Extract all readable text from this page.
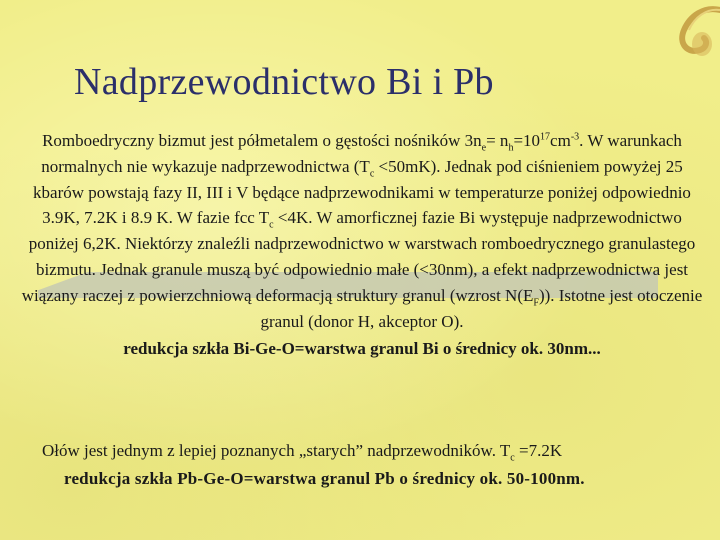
Nadprzewodnictwo Bi i Pb

Romboedryczny bizmut jest półmetalem o gęstości nośników $3n_e= n_h=10^{17}cm^{-3}$. W warunkach normalnych nie wykazuje nadprzewodnictwa $(T_c <50mK)$. Jednak pod ciśnieniem powyżej 25 kbarów powstają fazy II, III i V będące nadprzewodnikami w temperaturze poniżej odpowiednio 3.9K, 7.2K i 8.9 K. W fazie fcc $T_c <4K$. W amorficznej fazie Bi występuje nadprzewodnictwo poniżej 6,2K. Niektórzy znaleźli nadprzewodnictwo w warstwach romboedrycznego granulastego bizmutu. Jednak granule muszą być odpowiednio małe (<30nm), a efekt nadprzewodnictwa jest wiązany raczej z powierzchniową deformacją struktury granul (wzrost $N(E_F)$). Istotne jest otoczenie granul (donor H, akceptor O).

redukcja szkła Bi-Ge-O=warstwa granul Bi o średnicy ok. 30nm...

Ołów jest jednym z lepiej poznanych „starych” nadprzewodników. $T_c =7.2K$

redukcja szkła Pb-Ge-O=warstwa granul Pb o średnicy ok. 50-100nm.
